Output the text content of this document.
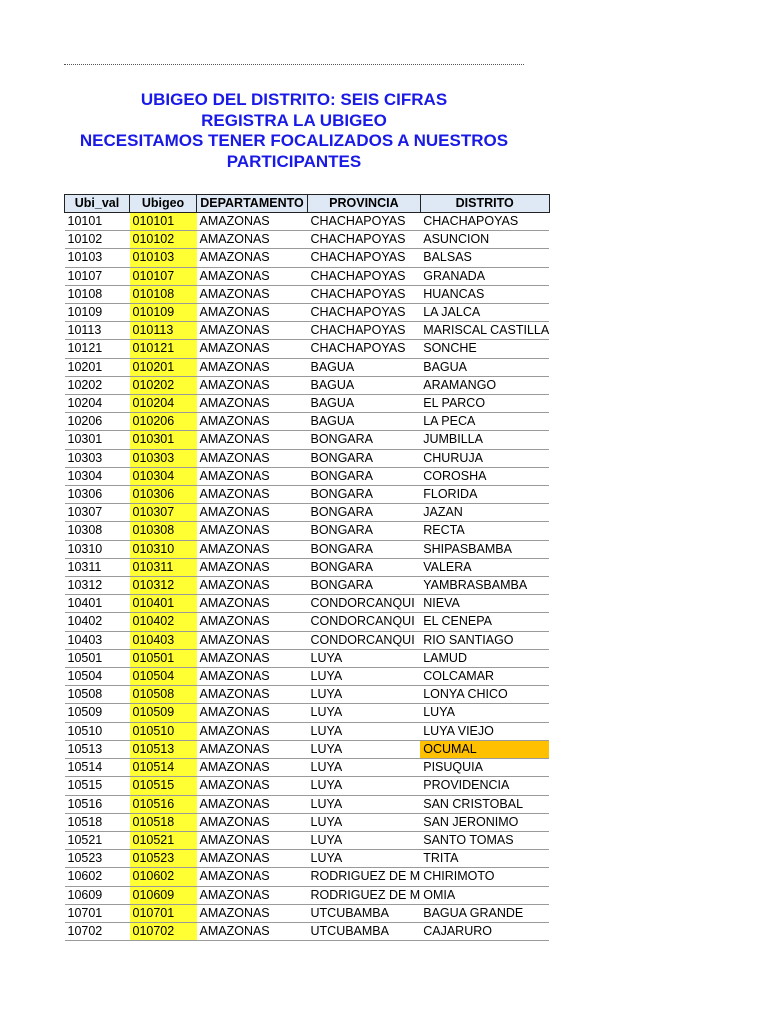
UBIGEO DEL DISTRITO: SEIS CIFRAS
REGISTRA LA UBIGEO
NECESITAMOS TENER FOCALIZADOS A NUESTROS
PARTICIPANTES
Ubi_val	Ubigeo	DEPARTAMENTO	PROVINCIA	DISTRITO
10101	010101	AMAZONAS	CHACHAPOYAS	CHACHAPOYAS
10102	010102	AMAZONAS	CHACHAPOYAS	ASUNCION
10103	010103	AMAZONAS	CHACHAPOYAS	BALSAS
10107	010107	AMAZONAS	CHACHAPOYAS	GRANADA
10108	010108	AMAZONAS	CHACHAPOYAS	HUANCAS
10109	010109	AMAZONAS	CHACHAPOYAS	LA JALCA
10113	010113	AMAZONAS	CHACHAPOYAS	MARISCAL CASTILLA
10121	010121	AMAZONAS	CHACHAPOYAS	SONCHE
10201	010201	AMAZONAS	BAGUA	BAGUA
10202	010202	AMAZONAS	BAGUA	ARAMANGO
10204	010204	AMAZONAS	BAGUA	EL PARCO
10206	010206	AMAZONAS	BAGUA	LA PECA
10301	010301	AMAZONAS	BONGARA	JUMBILLA
10303	010303	AMAZONAS	BONGARA	CHURUJA
10304	010304	AMAZONAS	BONGARA	COROSHA
10306	010306	AMAZONAS	BONGARA	FLORIDA
10307	010307	AMAZONAS	BONGARA	JAZAN
10308	010308	AMAZONAS	BONGARA	RECTA
10310	010310	AMAZONAS	BONGARA	SHIPASBAMBA
10311	010311	AMAZONAS	BONGARA	VALERA
10312	010312	AMAZONAS	BONGARA	YAMBRASBAMBA
10401	010401	AMAZONAS	CONDORCANQUI	NIEVA
10402	010402	AMAZONAS	CONDORCANQUI	EL CENEPA
10403	010403	AMAZONAS	CONDORCANQUI	RIO SANTIAGO
10501	010501	AMAZONAS	LUYA	LAMUD
10504	010504	AMAZONAS	LUYA	COLCAMAR
10508	010508	AMAZONAS	LUYA	LONYA CHICO
10509	010509	AMAZONAS	LUYA	LUYA
10510	010510	AMAZONAS	LUYA	LUYA VIEJO
10513	010513	AMAZONAS	LUYA	OCUMAL
10514	010514	AMAZONAS	LUYA	PISUQUIA
10515	010515	AMAZONAS	LUYA	PROVIDENCIA
10516	010516	AMAZONAS	LUYA	SAN CRISTOBAL
10518	010518	AMAZONAS	LUYA	SAN JERONIMO
10521	010521	AMAZONAS	LUYA	SANTO TOMAS
10523	010523	AMAZONAS	LUYA	TRITA
10602	010602	AMAZONAS	RODRIGUEZ DE M	CHIRIMOTO
10609	010609	AMAZONAS	RODRIGUEZ DE M	OMIA
10701	010701	AMAZONAS	UTCUBAMBA	BAGUA GRANDE
10702	010702	AMAZONAS	UTCUBAMBA	CAJARURO
